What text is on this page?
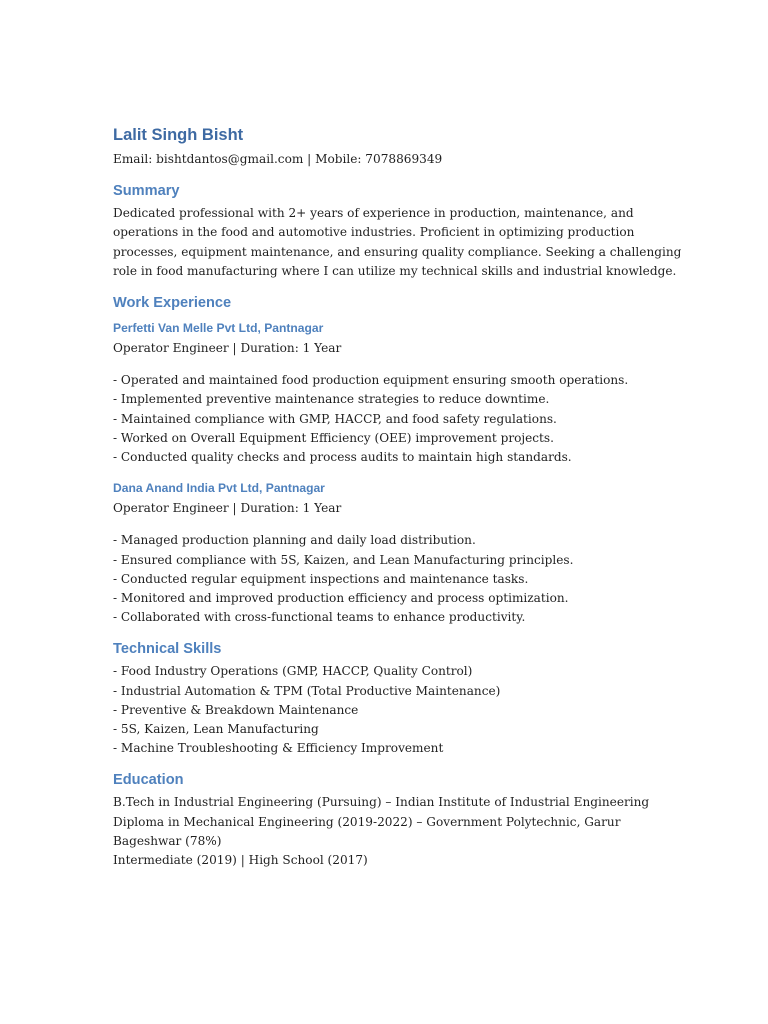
Lalit Singh Bisht

Email: bishtdantos@gmail.com | Mobile: 7078869349

Summary

Dedicated professional with 2+ years of experience in production, maintenance, and

operations in the food and automotive industries. Proficient in optimizing production

processes, equipment maintenance, and ensuring quality compliance. Seeking a challenging

role in food manufacturing where I can utilize my technical skills and industrial knowledge.

Work Experience
Perfetti Van Melle Pvt Ltd, Pantnagar

Operator Engineer | Duration: 1 Year

- Operated and maintained food production equipment ensuring smooth operations.
- Implemented preventive maintenance strategies to reduce downtime.
- Maintained compliance with GMP, HACCP, and food safety regulations.
- Worked on Overall Equipment Efficiency (OEE) improvement projects.
- Conducted quality checks and process audits to maintain high standards.
Dana Anand India Pvt Ltd, Pantnagar

Operator Engineer | Duration: 1 Year

- Managed production planning and daily load distribution.
- Ensured compliance with 5S, Kaizen, and Lean Manufacturing principles.
- Conducted regular equipment inspections and maintenance tasks.
- Monitored and improved production efficiency and process optimization.
- Collaborated with cross-functional teams to enhance productivity.
Technical Skills
- Food Industry Operations (GMP, HACCP, Quality Control)
- Industrial Automation & TPM (Total Productive Maintenance)
- Preventive & Breakdown Maintenance
- 5S, Kaizen, Lean Manufacturing
- Machine Troubleshooting & Efficiency Improvement
Education

B.Tech in Industrial Engineering (Pursuing) – Indian Institute of Industrial Engineering

Diploma in Mechanical Engineering (2019-2022) – Government Polytechnic, Garur

Bageshwar (78%)

Intermediate (2019) | High School (2017)
